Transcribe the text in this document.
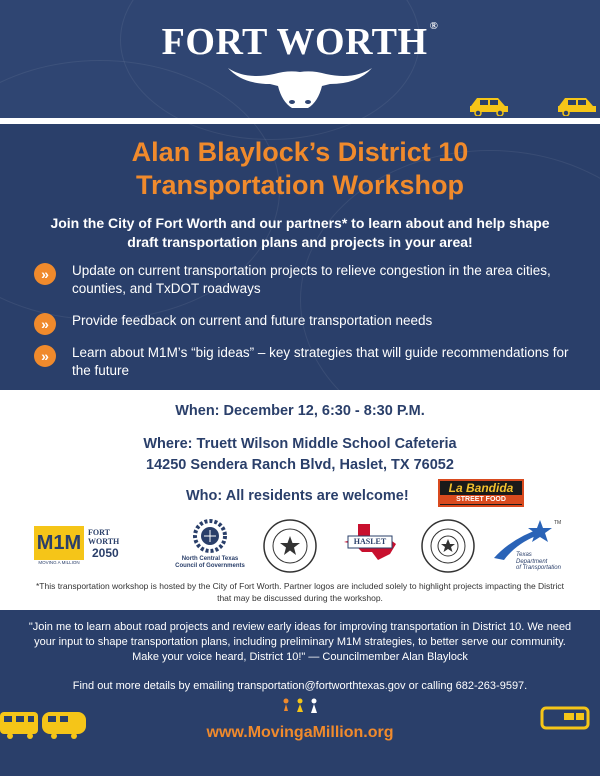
FORT WORTH ®
Alan Blaylock’s District 10
Transportation Workshop
Join the City of Fort Worth and our partners* to learn about and help shape draft transportation plans and projects in your area!
»	Update on current transportation projects to relieve congestion in the area cities, counties, and TxDOT roadways
»	Provide feedback on current and future transportation needs
»	Learn about M1M’s “big ideas” – key strategies that will guide recommendations for the future
When: December 12, 6:30 - 8:30 P.M.
Where: Truett Wilson Middle School Cafeteria
14250 Sendera Ranch Blvd, Haslet, TX 76052
Who: All residents are welcome!	La Bandida
STREET FOOD
M1M
MOVING A MILLION
FORT WORTH
2050	North Central Texas
Council of Governments
HASLET
TM
Texas
Department
of Transportation
*This transportation workshop is hosted by the City of Fort Worth. Partner logos are included solely to highlight projects impacting the District that may be discussed during the workshop.
"Join me to learn about road projects and review early ideas for improving transportation in District 10. We need your input to shape transportation plans, including preliminary M1M strategies, to better serve our community. Make your voice heard, District 10!" — Councilmember Alan Blaylock
Find out more details by emailing transportation@fortworthtexas.gov or calling 682-263-9597.
www.MovingaMillion.org
